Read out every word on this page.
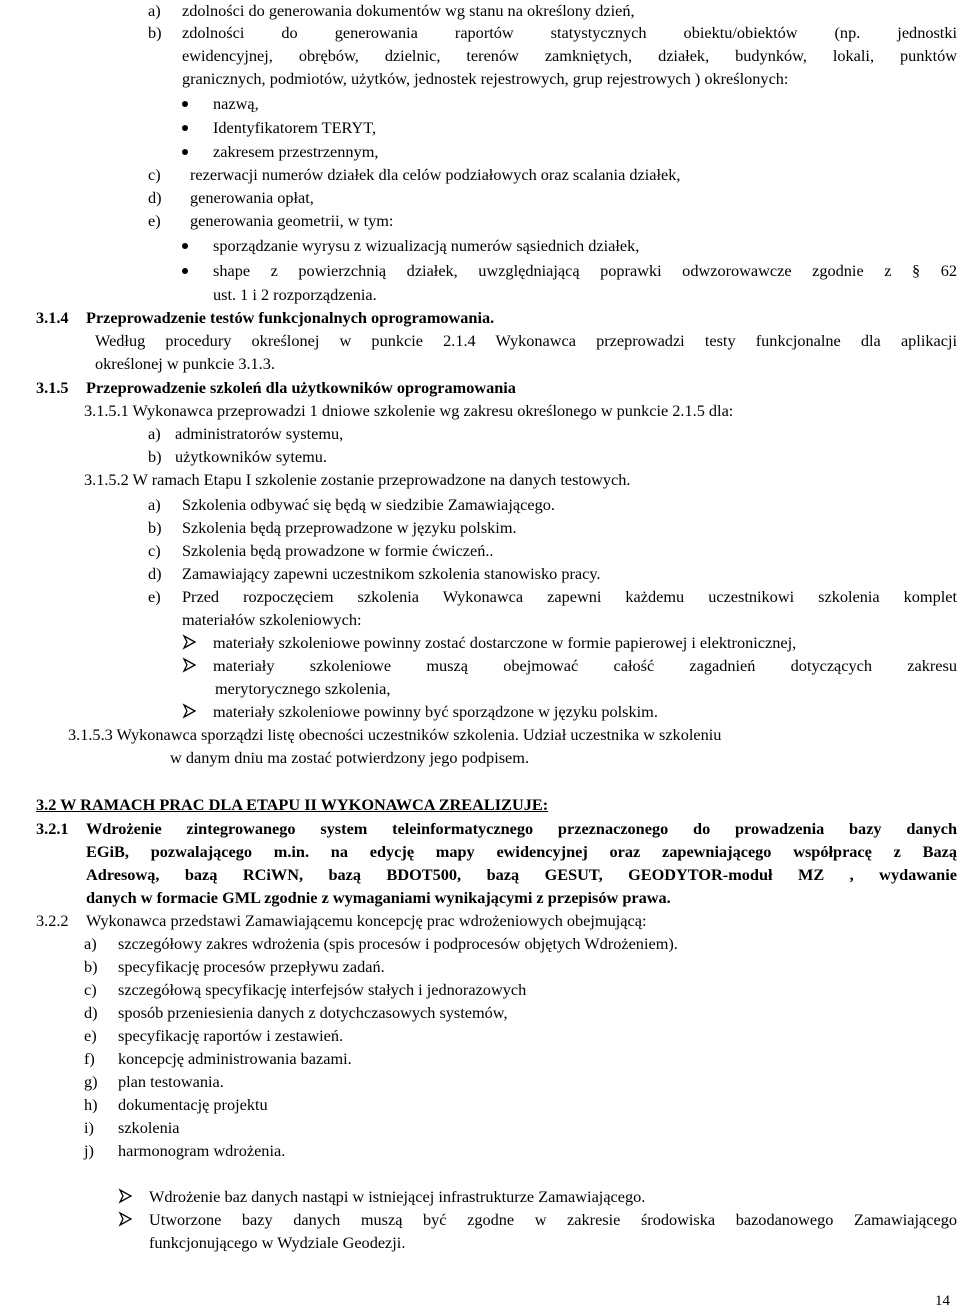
a) zdolności do generowania dokumentów wg stanu na określony dzień,
b) zdolności do generowania raportów statystycznych obiektu/obiektów (np. jednostki
ewidencyjnej, obrębów, dzielnic, terenów zamkniętych, działek, budynków, lokali, punktów
granicznych, podmiotów, użytków, jednostek rejestrowych, grup rejestrowych ) określonych:
nazwą,
Identyfikatorem TERYT,
zakresem przestrzennym,
c) rezerwacji numerów działek dla celów podziałowych oraz scalania działek,
d) generowania opłat,
e) generowania geometrii, w tym:
sporządzanie wyrysu z wizualizacją numerów sąsiednich działek,
shape z powierzchnią działek, uwzględniającą poprawki odwzorowawcze zgodnie z § 62
ust. 1 i 2 rozporządzenia.
3.1.4 Przeprowadzenie testów funkcjonalnych oprogramowania.
Według procedury określonej w punkcie 2.1.4 Wykonawca przeprowadzi testy funkcjonalne dla aplikacji
określonej w punkcie 3.1.3.
3.1.5 Przeprowadzenie szkoleń dla użytkowników oprogramowania
3.1.5.1 Wykonawca przeprowadzi 1 dniowe szkolenie wg zakresu określonego w punkcie 2.1.5 dla:
a) administratorów systemu,
b) użytkowników sytemu.
3.1.5.2 W ramach Etapu I szkolenie zostanie przeprowadzone na danych testowych.
a) Szkolenia odbywać się będą w siedzibie Zamawiającego.
b) Szkolenia będą przeprowadzone w języku polskim.
c) Szkolenia będą prowadzone w formie ćwiczeń..
d) Zamawiający zapewni uczestnikom szkolenia stanowisko pracy.
e) Przed rozpoczęciem szkolenia Wykonawca zapewni każdemu uczestnikowi szkolenia komplet
materiałów szkoleniowych:
materiały szkoleniowe powinny zostać dostarczone w formie papierowej i elektronicznej,
materiały szkoleniowe muszą obejmować całość zagadnień dotyczących zakresu
merytorycznego szkolenia,
materiały szkoleniowe powinny być sporządzone w języku polskim.
3.1.5.3 Wykonawca sporządzi listę obecności uczestników szkolenia. Udział uczestnika w szkoleniu
w danym dniu ma zostać potwierdzony jego podpisem.
3.2 W RAMACH PRAC DLA ETAPU II WYKONAWCA ZREALIZUJE:
3.2.1 Wdrożenie zintegrowanego system teleinformatycznego przeznaczonego do prowadzenia bazy danych
EGiB, pozwalającego m.in. na edycję mapy ewidencyjnej oraz zapewniającego współpracę z Bazą
Adresową, bazą RCiWN, bazą BDOT500, bazą GESUT, GEODYTOR-moduł MZ , wydawanie
danych w formacie GML zgodnie z wymaganiami wynikającymi z przepisów prawa.
3.2.2 Wykonawca przedstawi Zamawiającemu koncepcję prac wdrożeniowych obejmującą:
a) szczegółowy zakres wdrożenia (spis procesów i podprocesów objętych Wdrożeniem).
b) specyfikację procesów przepływu zadań.
c) szczegółową specyfikację interfejsów stałych i jednorazowych
d) sposób przeniesienia danych z dotychczasowych systemów,
e) specyfikację raportów i zestawień.
f) koncepcję administrowania bazami.
g) plan testowania.
h) dokumentację projektu
i) szkolenia
j) harmonogram wdrożenia.
Wdrożenie baz danych nastąpi w istniejącej infrastrukturze Zamawiającego.
Utworzone bazy danych muszą być zgodne w zakresie środowiska bazodanowego Zamawiającego
funkcjonującego w Wydziale Geodezji.
14
